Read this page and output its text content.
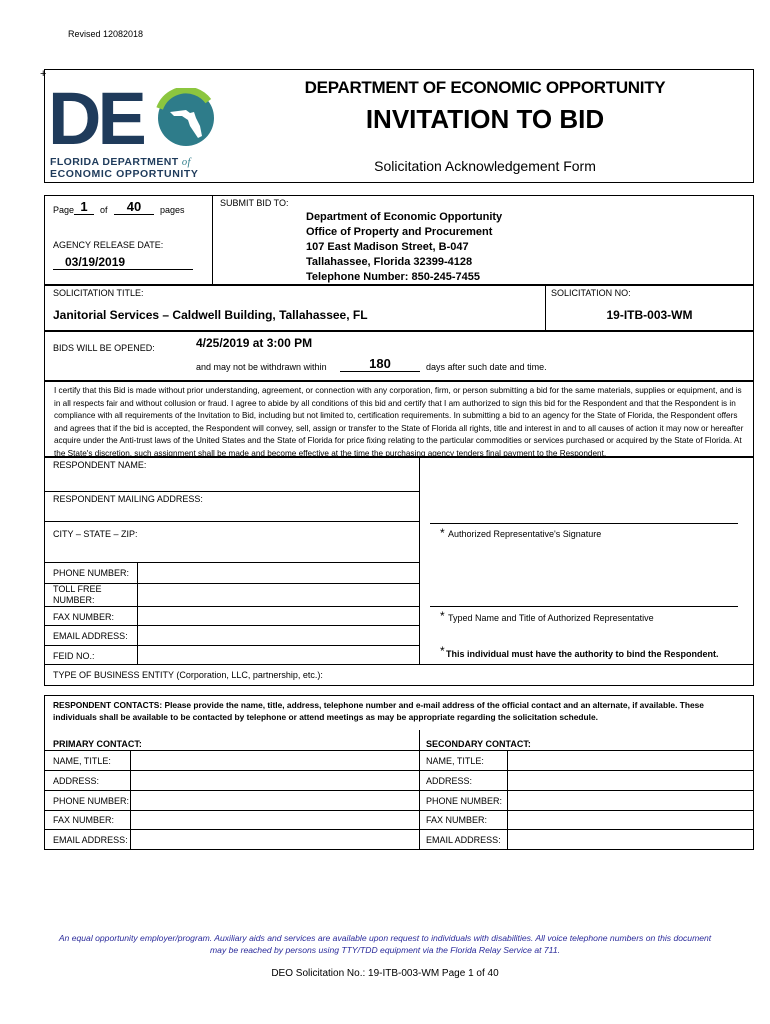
Revised 12082018
+
DE
FLORIDA DEPARTMENT of
ECONOMIC OPPORTUNITY
DEPARTMENT OF ECONOMIC OPPORTUNITY
INVITATION TO BID
Solicitation Acknowledgement Form
Page 1	of	40	pages
AGENCY RELEASE DATE:
03/19/2019
SUBMIT BID TO:
Department of Economic Opportunity
Office of Property and Procurement
107 East Madison Street, B-047
Tallahassee, Florida 32399-4128
Telephone Number: 850-245-7455
SOLICITATION TITLE:
Janitorial Services – Caldwell Building, Tallahassee, FL
SOLICITATION NO:
19-ITB-003-WM
BIDS WILL BE OPENED:	4/25/2019 at 3:00 PM
and may not be withdrawn within	180	days after such date and time.
I certify that this Bid is made without prior understanding, agreement, or connection with any corporation, firm, or person submitting a bid for the same materials, supplies or equipment, and is in all respects fair and without collusion or fraud. I agree to abide by all conditions of this bid and certify that I am authorized to sign this bid for the Respondent and that the Respondent is in compliance with all requirements of the Invitation to Bid, including but not limited to, certification requirements. In submitting a bid to an agency for the State of Florida, the Respondent offers and agrees that if the bid is accepted, the Respondent will convey, sell, assign or transfer to the State of Florida all rights, title and interest in and to all causes of action it may now or hereafter acquire under the Anti-trust laws of the United States and the State of Florida for price fixing relating to the particular commodities or services purchased or acquired by the State of Florida. At the State's discretion, such assignment shall be made and become effective at the time the purchasing agency tenders final payment to the Respondent.
RESPONDENT NAME:
RESPONDENT MAILING ADDRESS:
CITY – STATE – ZIP:
PHONE NUMBER:
TOLL FREE
NUMBER:
FAX NUMBER:
EMAIL ADDRESS:
FEID NO.:
TYPE OF BUSINESS ENTITY (Corporation, LLC, partnership, etc.):
* Authorized Representative's Signature
* Typed Name and Title of Authorized Representative
* This individual must have the authority to bind the Respondent.
RESPONDENT CONTACTS: Please provide the name, title, address, telephone number and e-mail address of the official contact and an alternate, if available. These individuals shall be available to be contacted by telephone or attend meetings as may be appropriate regarding the solicitation schedule.
PRIMARY CONTACT:	SECONDARY CONTACT:
NAME, TITLE:
ADDRESS:
PHONE NUMBER:
FAX NUMBER:
EMAIL ADDRESS:
NAME, TITLE:
ADDRESS:
PHONE NUMBER:
FAX NUMBER:
EMAIL ADDRESS:
An equal opportunity employer/program. Auxiliary aids and services are available upon request to individuals with disabilities. All voice telephone numbers on this document
may be reached by persons using TTY/TDD equipment via the Florida Relay Service at 711.
DEO Solicitation No.: 19-ITB-003-WM Page 1 of 40
